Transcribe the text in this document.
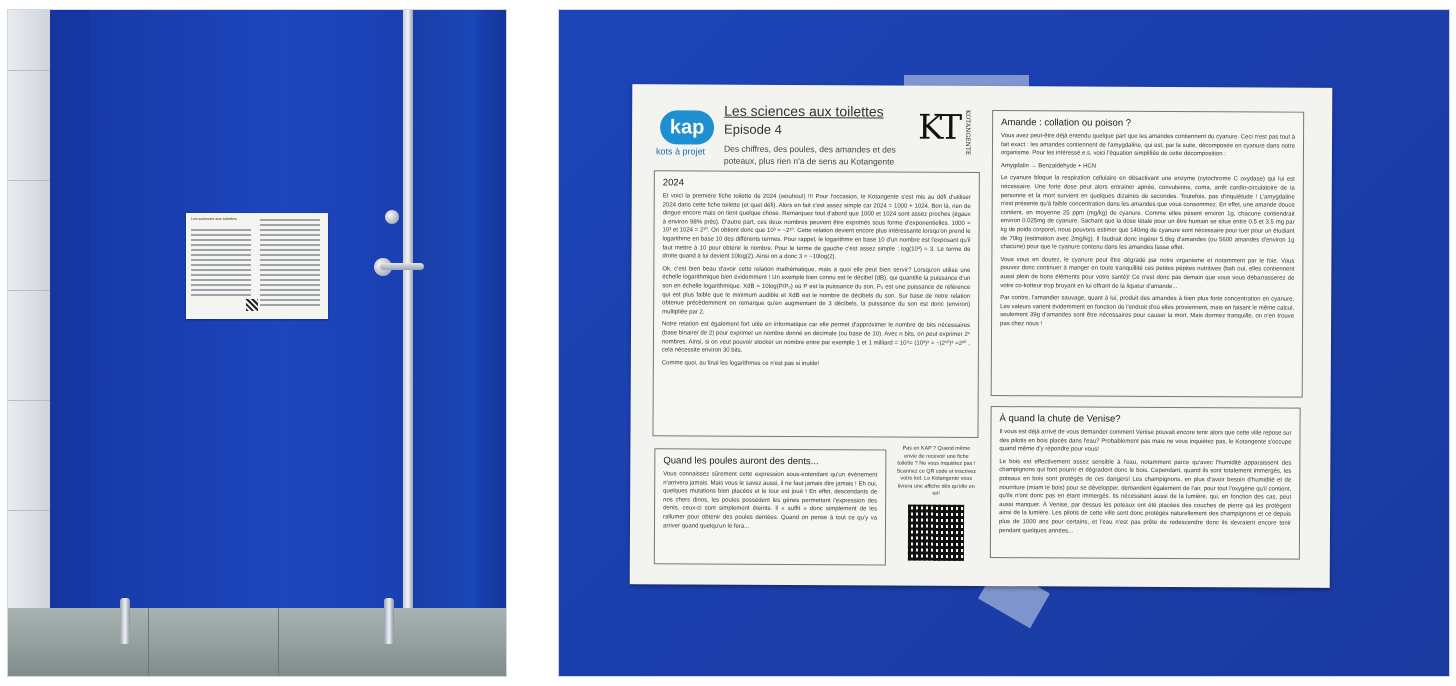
Les sciences aux toilettes
kap
kots à projet
Les sciences aux toilettes
Episode 4
Des chiffres, des poules, des amandes et des poteaux, plus rien n'a de sens au Kotangente
KT KOTANGENTE
2024

Et voici la première fiche toilette de 2024 (wouhou!) !!! Pour l'occasion, le Kotangente s'est mis au défi d'utiliser 2024 dans cette fiche toilette (et quel défi). Alors en fait c'est assez simple car 2024 = 1000 + 1024. Bon là, rien de dingue encore mais on tient quelque chose. Remarquez tout d'abord que 1000 et 1024 sont assez proches (égaux à environ 98% près). D'autre part, ces deux nombres peuvent être exprimés sous forme d'exponentielles. 1000 = 10³ et 1024 = 2¹⁰. On obtient donc que 10³ = ~2¹⁰. Cette relation devient encore plus intéressante lorsqu'on prend le logarithme en base 10 des différents termes. Pour rappel, le logarithme en base 10 d'un nombre est l'exposant qu'il faut mettre à 10 pour obtenir le nombre. Pour le terme de gauche c'est assez simple : log(10³) = 3. Le terme de droite quand à lui devient 10log(2). Ainsi on a donc 3 = ~10log(2).

Ok, c'est bien beau d'avoir cette relation mathématique, mais à quoi elle peut bien servir? Lorsqu'on utilise une échelle logarithmique bien évidemment ! Un exemple bien connu est le décibel (dB), qui quantifie la puissance d'un son en échelle logarithmique. XdB = 10log(P/P₀) où P est la puissance du son, P₀ est une puissance de référence qui est plus faible que le minimum audible et XdB est le nombre de décibels du son. Sur base de notre relation obtenue précédemment on remarque qu'en augmentant de 3 décibels, la puissance du son est donc (environ) multipliée par 2.

Notre relation est également fort utile en informatique car elle permet d'approximer le nombre de bits nécessaires (base binaire/ de 2) pour exprimer un nombre donné en décimale (ou base de 10). Avec n bits, on peut exprimer 2ⁿ nombres. Ainsi, si on veut pouvoir stocker un nombre entre par exemple 1 et 1 milliard = 10⁹= (10³)³ = ~(2¹⁰)³ =2³⁰ , cela nécessite environ 30 bits.

Comme quoi, au final les logarithmes ce n'est pas si inutile!

Quand les poules auront des dents...

Vous connaissez sûrement cette expression sous-entendant qu'un évènement n'arrivera jamais. Mais vous le savez aussi, il ne faut jamais dire jamais ! Eh oui, quelques mutations bien placées et le tour est joué ! En effet, descendants de nos chers dinos, les poules possèdent les gènes permettant l'expression des dents, ceux-ci sont simplement éteints. Il « suffit » donc simplement de les rallumer pour obtenir des poules dentées. Quand on pense à tout ce qu'y va arriver quand quelqu'un le fera...

Pas en KAP ? Quand même envie de recevoir une fiche toilette ? Ne vous inquiétez pas ! Scannez ce QR code et inscrivez votre kot. Le Kotangente vous livrera une affiche dès qu'elle en on!
Amande : collation ou poison ?

Vous avez peut-être déjà entendu quelque part que les amandes contiennent du cyanure. Ceci n'est pas tout à fait exact : les amandes contiennent de l'amygdaline, qui est, par la suite, décomposée en cyanure dans notre organisme. Pour les intéressé.e.s, voici l'équation simplifiée de cette décomposition :

Amygdalin → Benzaldehyde + HCN

Le cyanure bloque la respiration cellulaire en désactivant une enzyme (cytochrome C oxydase) qui lui est nécessaire. Une forte dose peut alors entrainer apnée, convulsions, coma, arrêt cardio-circulatoire de la personne et la mort survient en quelques dizaines de secondes. Toutefois, pas d'inquiétude ! L'amygdaline n'est présente qu'à faible concentration dans les amandes que vous consommez. En effet, une amande douce contient, en moyenne 25 ppm (mg/kg) de cyanure. Comme elles pèsent environ 1g, chacune contiendrait environ 0.025mg de cyanure. Sachant que la dose létale pour un être humain se situe entre 0.5 et 3.5 mg par kg de poids corporel, nous pouvons estimer que 140mg de cyanure sont nécessaire pour tuer pour un étudiant de 70kg (estimation avec 2mg/kg). Il faudrait donc ingérer 5.6kg d'amandes (ou 5600 amandes d'environ 1g chacune) pour que le cyanure contenu dans les amandes fasse effet.

Vous vous en doutez, le cyanure peut être dégradé par notre organisme et notamment par le foie. Vous pouvez donc continuer à manger en toute tranquillité ces petites pépites nutritives (bah oui, elles contiennent aussi plein de bons éléments pour votre santé)! Ce n'est donc pas demain que vous vous débarrasserez de votre co-kotteur trop bruyant en lui offrant de la liqueur d'amande...

Par contre, l'amandier sauvage, quant à lui, produit des amandes à bien plus forte concentration en cyanure. Les valeurs varient évidemment en fonction de l'endroit d'où elles proviennent, mais en faisant le même calcul, seulement 39g d'amandes sont être nécessaires pour causer la mort. Mais dormez tranquille, on n'en trouve pas chez nous !

À quand la chute de Venise?

Il vous est déjà arrivé de vous demander comment Venise pouvait encore tenir alors que cette ville repose sur des pilotis en bois placés dans l'eau? Probablement pas mais ne vous inquiétez pas, le Kotangente s'occupe quand même d'y répondre pour vous!

Le bois est effectivement assez sensible à l'eau, notamment parce qu'avec l'humidité apparaissent des champignons qui font pourrir et dégradent donc le bois. Cependant, quand ils sont totalement immergés, les poteaux en bois sont protégés de ces dangers! Les champignons, en plus d'avoir besoin d'humidité et de nourriture (miam le bois) pour se développer, demandent également de l'air, pour tout l'oxygène qu'il contient, qu'ils n'ont donc pas en étant immergés. Ils nécessitent aussi de la lumière, qui, en fonction des cas, peut aussi manquer. À Venise, par dessus les poteaux ont été placées des couches de pierre qui les protègent ainsi de la lumière. Les pilotis de cette ville sont donc protégés naturellement des champignons et ce depuis plus de 1000 ans pour certains, et l'eau n'est pas prête de redescendre donc ils devraient encore tenir pendant quelques années...
